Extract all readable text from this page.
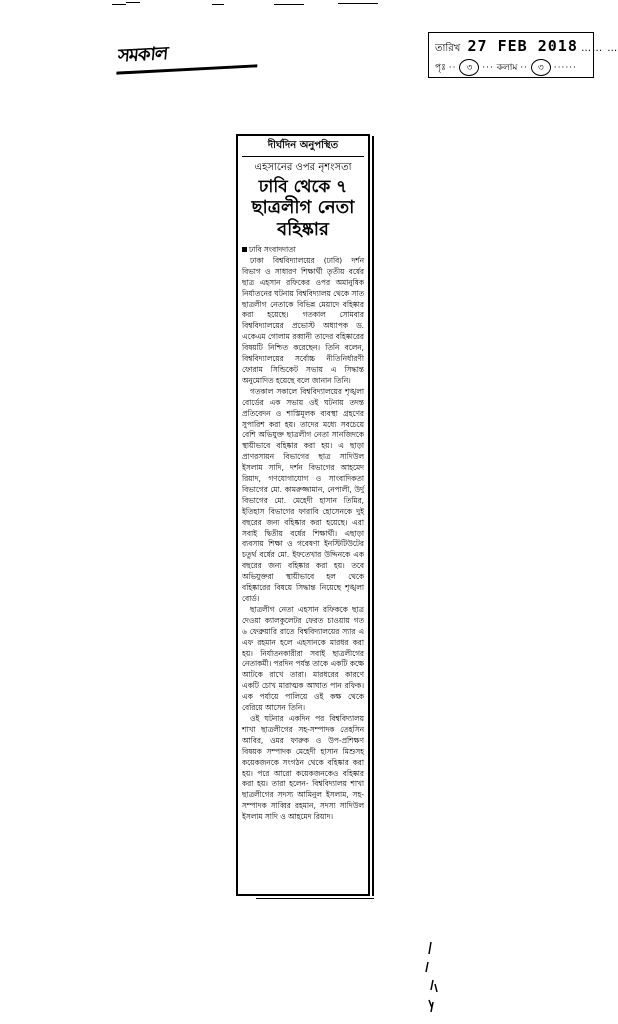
সমকাল	তারিখ 27 FEB 2018 …… …
পৃঃ ·· ৩ ··· কলাম ·· ৩ ······
দীর্ঘদিন অনুপস্থিত
এহসানের ওপর নৃশংসতা
ঢাবি থেকে ৭
ছাত্রলীগ নেতা
বহিষ্কার

ঢাবি সংবাদদাতা

ঢাকা বিশ্ববিদ্যালয়ের (ঢাবি) দর্শন বিভাগ ও সাধারণ শিক্ষার্থী তৃতীয় বর্ষের ছাত্র এহসান রফিকের ওপর অমানুষিক নির্যাতনের ঘটনায় বিশ্ববিদ্যালয় থেকে সাত ছাত্রলীগ নেতাকে বিভিন্ন মেয়াদে বহিষ্কার করা হয়েছে। গতকাল সোমবার বিশ্ববিদ্যালয়ের প্রভোস্ট অধ্যাপক ড. একেএম গোলাম রব্বানী তাদের বহিষ্কারের বিষয়টি নিশ্চিত করেছেন। তিনি বলেন, বিশ্ববিদ্যালয়ের সর্বোচ্চ নীতিনির্ধারণী ফোরাম সিন্ডিকেট সভায় এ সিদ্ধান্ত অনুমোদিত হয়েছে বলে জানান তিনি।

গতকাল সকালে বিশ্ববিদ্যালয়ের শৃঙ্খলা বোর্ডের এক সভায় ওই ঘটনায় তদন্ত প্রতিবেদন ও শাস্তিমূলক ব্যবস্থা গ্রহণের সুপারিশ করা হয়। তাদের মধ্যে সবচেয়ে বেশি অভিযুক্ত ছাত্রলীগ নেতা সানজিদকে স্থায়ীভাবে বহিষ্কার করা হয়। এ ছাড়া প্রাণরসায়ন বিভাগের ছাত্র সাদিউল ইসলাম সাদি, দর্শন বিভাগের আহমেদ রিয়াদ, গণযোগাযোগ ও সাংবাদিকতা বিভাগের মো. কামরুজ্জামান, নেপালী, উর্দু বিভাগের মো. মেহেদী হাসান তিমির, ইতিহাস বিভাগের ফারাবি হোসেনকে দুই বছরের জন্য বহিষ্কার করা হয়েছে। এরা সবাই দ্বিতীয় বর্ষের শিক্ষার্থী। এছাড়া ব্যবসায় শিক্ষা ও গবেষণা ইনস্টিটিউটের চতুর্থ বর্ষের মো. ইফতেখার উদ্দিনকে এক বছরের জন্য বহিষ্কার করা হয়। তবে অভিযুক্তরা স্থায়ীভাবে হল থেকে বহিষ্কারের বিষয়ে সিদ্ধান্ত নিয়েছে শৃঙ্খলা বোর্ড।

ছাত্রলীগ নেতা এহসান রফিককে ছাত্র দেওয়া ক্যালকুলেটর ফেরত চাওয়ায় গত ৬ ফেব্রুয়ারি রাতে বিশ্ববিদ্যালয়ের স্যার এ এফ রহমান হলে এহসানকে মারধর করা হয়। নির্যাতনকারীরা সবাই ছাত্রলীগের নেতাকর্মী। পরদিন পর্যন্ত তাকে একটি কক্ষে আটকে রাখে তারা। মারধরের কারণে একটি চোখ মারাত্মক আঘাত পান রফিক। এক পর্যায়ে পালিয়ে ওই কক্ষ থেকে বেরিয়ে আসেন তিনি।

ওই ঘটনার একদিন পর বিশ্ববিদ্যালয় শাখা ছাত্রলীগের সহ-সম্পাদক তেহসিন আবির, ওমর ফারুক ও উপ-প্রশিক্ষণ বিষয়ক সম্পাদক মেহেদী হাসান মিশুসহ কয়েকজনকে সংগঠন থেকে বহিষ্কার করা হয়। পরে আরো কয়েকজনকেও বহিষ্কার করা হয়। তারা হলেন- বিশ্ববিদ্যালয় শাখা ছাত্রলীগের সদস্য আমিনুল ইসলাম, সহ-সম্পাদক সাব্বির রহমান, সদস্য সাদিউল ইসলাম সাদি ও আহমেদ রিয়াদ।
